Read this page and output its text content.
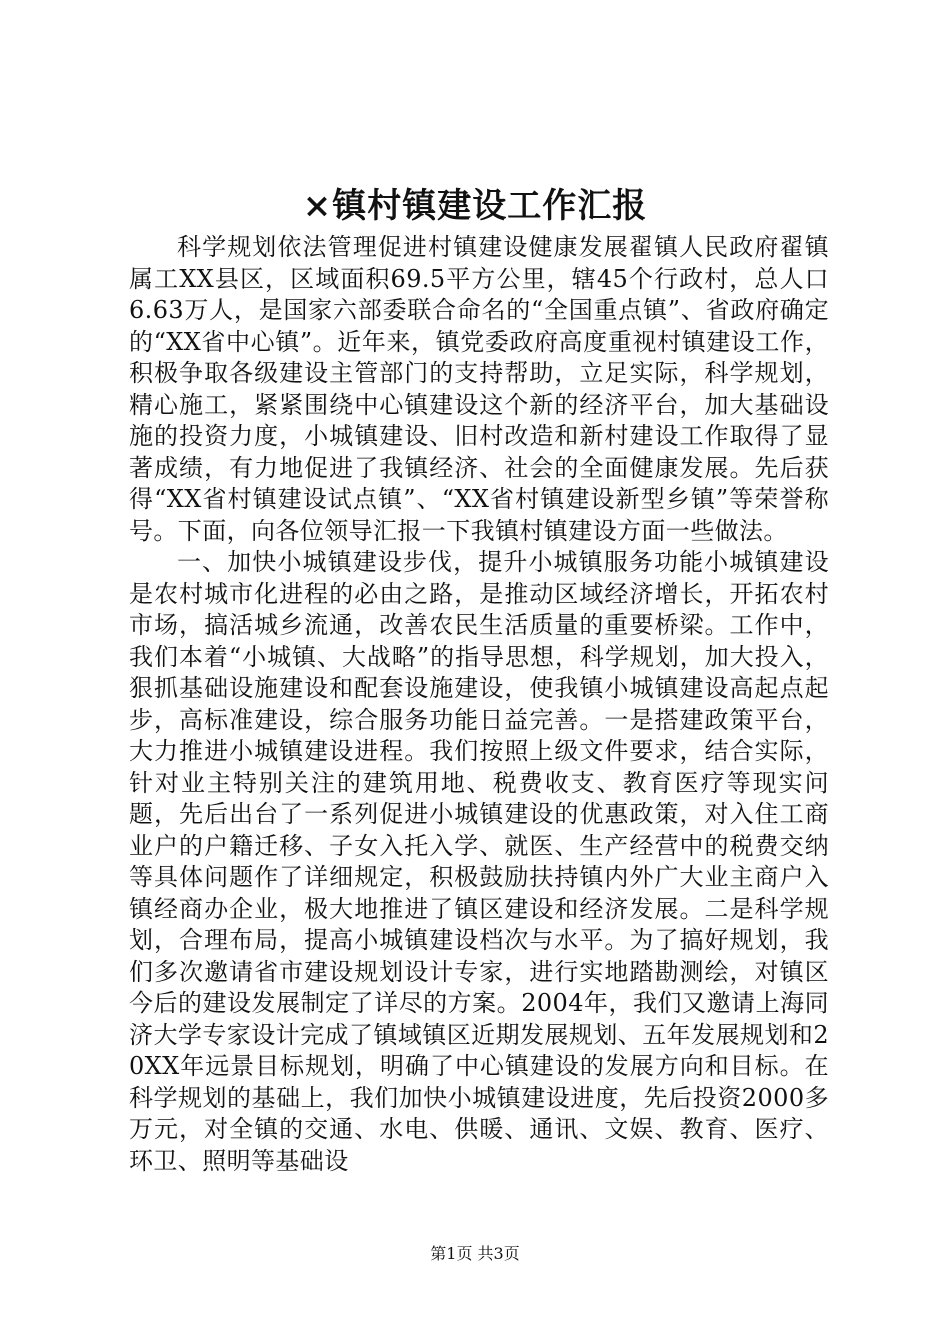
×镇村镇建设工作汇报

科学规划依法管理促进村镇建设健康发展翟镇人民政府翟镇属工XX县区，区域面积69.5平方公里，辖45个行政村，总人口6.63万人，是国家六部委联合命名的“全国重点镇”、省政府确定的“XX省中心镇”。近年来，镇党委政府高度重视村镇建设工作，积极争取各级建设主管部门的支持帮助，立足实际，科学规划，精心施工，紧紧围绕中心镇建设这个新的经济平台，加大基础设施的投资力度，小城镇建设、旧村改造和新村建设工作取得了显著成绩，有力地促进了我镇经济、社会的全面健康发展。先后获得“XX省村镇建设试点镇”、“XX省村镇建设新型乡镇”等荣誉称号。下面，向各位领导汇报一下我镇村镇建设方面一些做法。

一、加快小城镇建设步伐，提升小城镇服务功能小城镇建设是农村城市化进程的必由之路，是推动区域经济增长，开拓农村市场，搞活城乡流通，改善农民生活质量的重要桥梁。工作中，我们本着“小城镇、大战略”的指导思想，科学规划，加大投入，狠抓基础设施建设和配套设施建设，使我镇小城镇建设高起点起步，高标准建设，综合服务功能日益完善。一是搭建政策平台，大力推进小城镇建设进程。我们按照上级文件要求，结合实际，针对业主特别关注的建筑用地、税费收支、教育医疗等现实问题，先后出台了一系列促进小城镇建设的优惠政策，对入住工商业户的户籍迁移、子女入托入学、就医、生产经营中的税费交纳等具体问题作了详细规定，积极鼓励扶持镇内外广大业主商户入镇经商办企业，极大地推进了镇区建设和经济发展。二是科学规划，合理布局，提高小城镇建设档次与水平。为了搞好规划，我们多次邀请省市建设规划设计专家，进行实地踏勘测绘，对镇区今后的建设发展制定了详尽的方案。2004年，我们又邀请上海同济大学专家设计完成了镇域镇区近期发展规划、五年发展规划和20XX年远景目标规划，明确了中心镇建设的发展方向和目标。在科学规划的基础上，我们加快小城镇建设进度，先后投资2000多万元，对全镇的交通、水电、供暖、通讯、文娱、教育、医疗、环卫、照明等基础设

第1页 共3页
